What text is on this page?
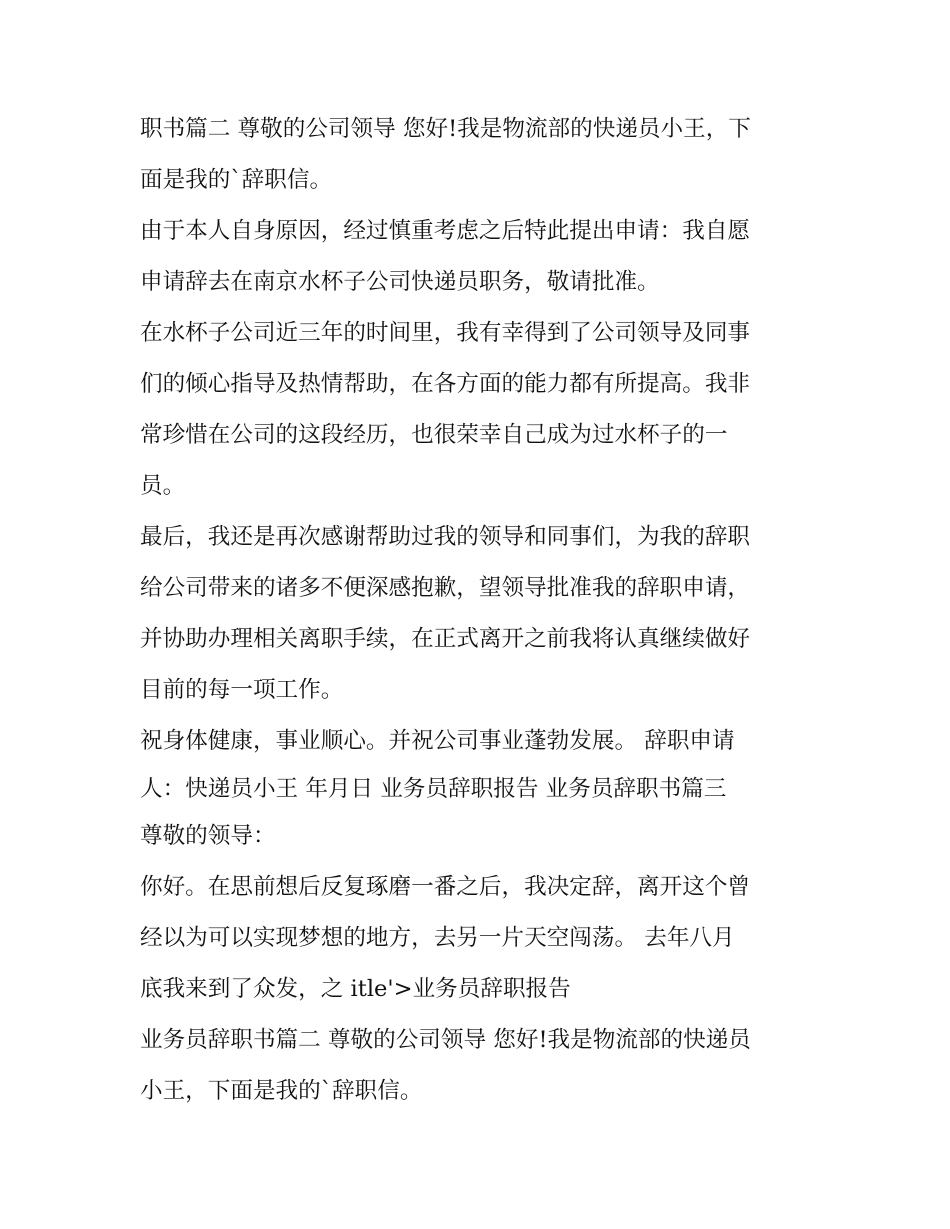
职书篇二 尊敬的公司领导 您好!我是物流部的快递员小王，下
面是我的`辞职信。
由于本人自身原因，经过慎重考虑之后特此提出申请：我自愿
申请辞去在南京水杯子公司快递员职务，敬请批准。
在水杯子公司近三年的时间里，我有幸得到了公司领导及同事
们的倾心指导及热情帮助，在各方面的能力都有所提高。我非
常珍惜在公司的这段经历，也很荣幸自己成为过水杯子的一
员。
最后，我还是再次感谢帮助过我的领导和同事们，为我的辞职
给公司带来的诸多不便深感抱歉，望领导批准我的辞职申请，
并协助办理相关离职手续，在正式离开之前我将认真继续做好
目前的每一项工作。
祝身体健康，事业顺心。并祝公司事业蓬勃发展。 辞职申请
人：快递员小王 年月日 业务员辞职报告 业务员辞职书篇三
尊敬的领导：
你好。在思前想后反复琢磨一番之后，我决定辞，离开这个曾
经以为可以实现梦想的地方，去另一片天空闯荡。 去年八月
底我来到了众发，之 itle'>业务员辞职报告
业务员辞职书篇二 尊敬的公司领导 您好!我是物流部的快递员
小王，下面是我的`辞职信。
